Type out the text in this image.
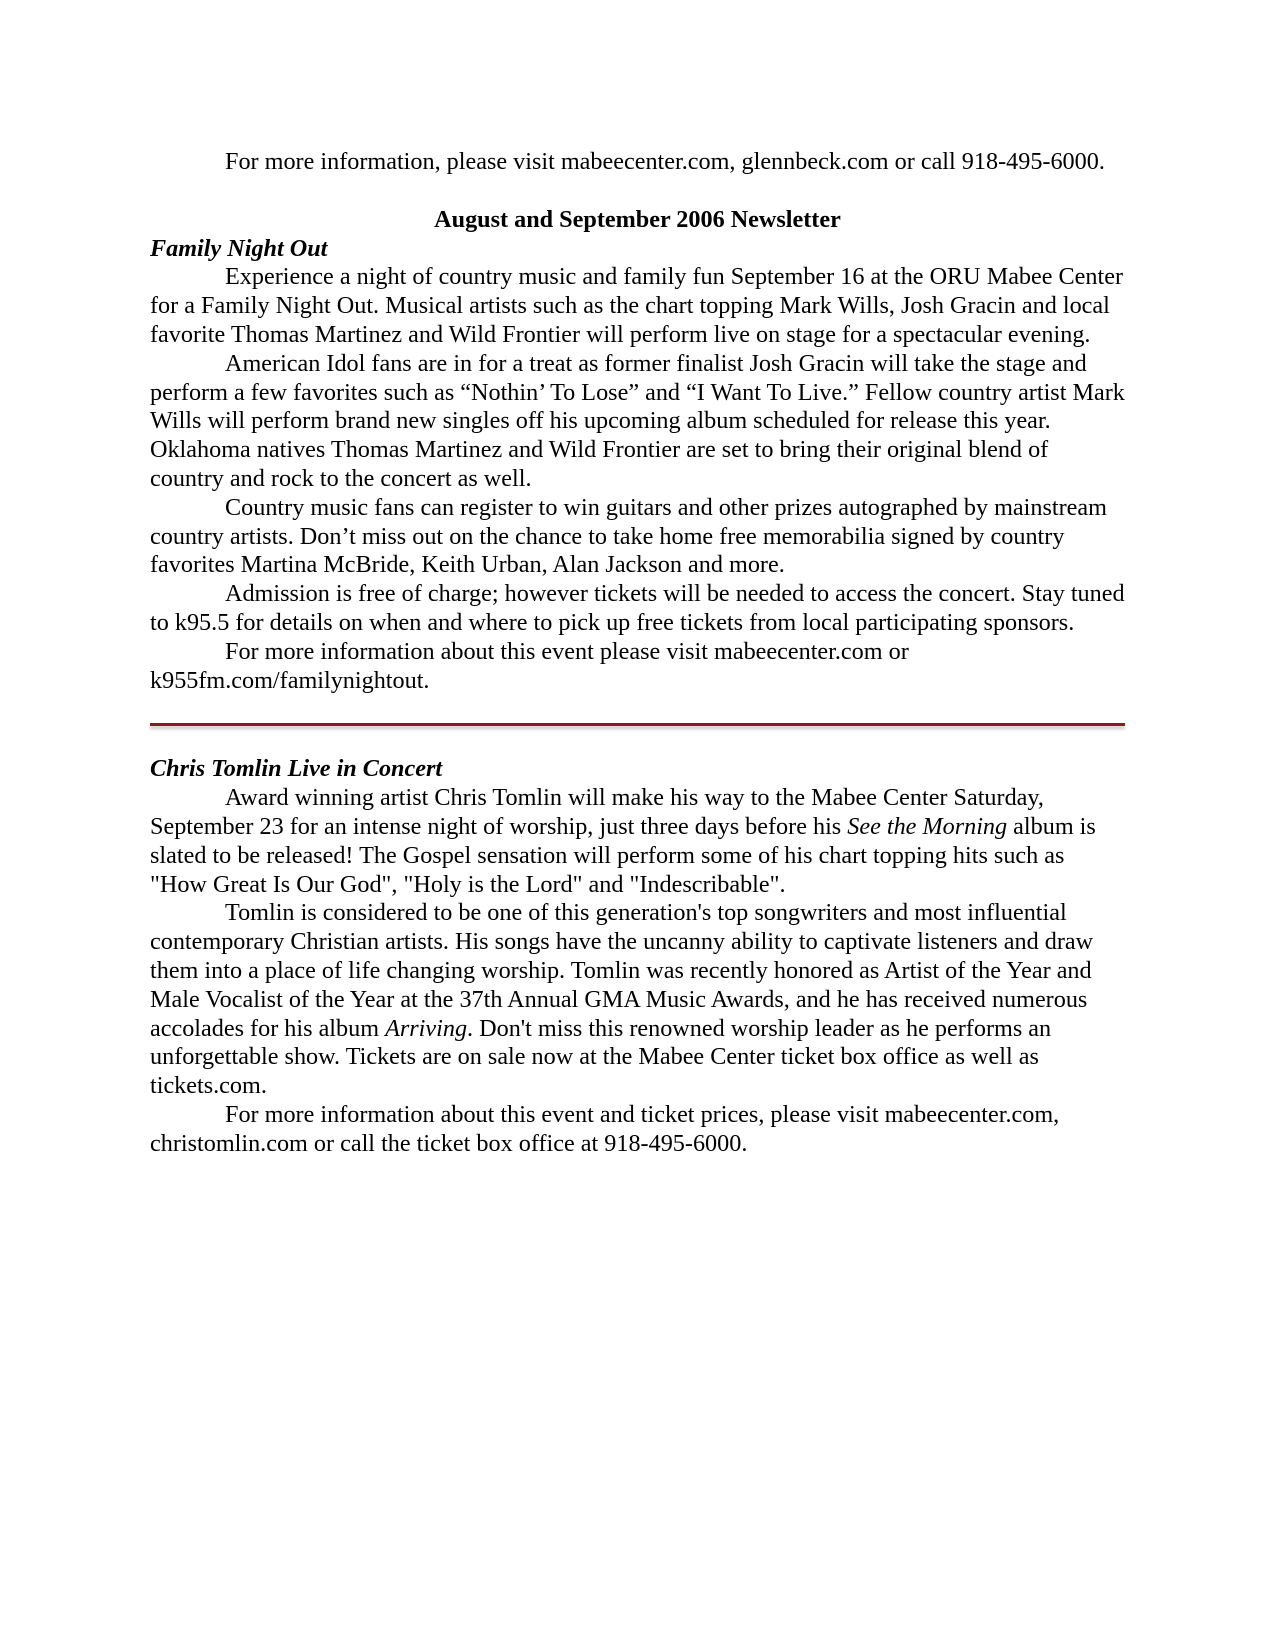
For more information, please visit mabeecenter.com, glennbeck.com or call 918-495-6000.

August and September 2006 Newsletter

Family Night Out

Experience a night of country music and family fun September 16 at the ORU Mabee Center for a Family Night Out. Musical artists such as the chart topping Mark Wills, Josh Gracin and local favorite Thomas Martinez and Wild Frontier will perform live on stage for a spectacular evening.

American Idol fans are in for a treat as former finalist Josh Gracin will take the stage and perform a few favorites such as “Nothin’ To Lose” and “I Want To Live.” Fellow country artist Mark Wills will perform brand new singles off his upcoming album scheduled for release this year. Oklahoma natives Thomas Martinez and Wild Frontier are set to bring their original blend of country and rock to the concert as well.

Country music fans can register to win guitars and other prizes autographed by mainstream country artists. Don’t miss out on the chance to take home free memorabilia signed by country favorites Martina McBride, Keith Urban, Alan Jackson and more.

Admission is free of charge; however tickets will be needed to access the concert. Stay tuned to k95.5 for details on when and where to pick up free tickets from local participating sponsors.

For more information about this event please visit mabeecenter.com or k955fm.com/familynightout.

Chris Tomlin Live in Concert

Award winning artist Chris Tomlin will make his way to the Mabee Center Saturday, September 23 for an intense night of worship, just three days before his See the Morning album is slated to be released! The Gospel sensation will perform some of his chart topping hits such as "How Great Is Our God", "Holy is the Lord" and "Indescribable".

Tomlin is considered to be one of this generation's top songwriters and most influential contemporary Christian artists. His songs have the uncanny ability to captivate listeners and draw them into a place of life changing worship. Tomlin was recently honored as Artist of the Year and Male Vocalist of the Year at the 37th Annual GMA Music Awards, and he has received numerous accolades for his album Arriving. Don't miss this renowned worship leader as he performs an unforgettable show. Tickets are on sale now at the Mabee Center ticket box office as well as tickets.com.

For more information about this event and ticket prices, please visit mabeecenter.com, christomlin.com or call the ticket box office at 918-495-6000.
